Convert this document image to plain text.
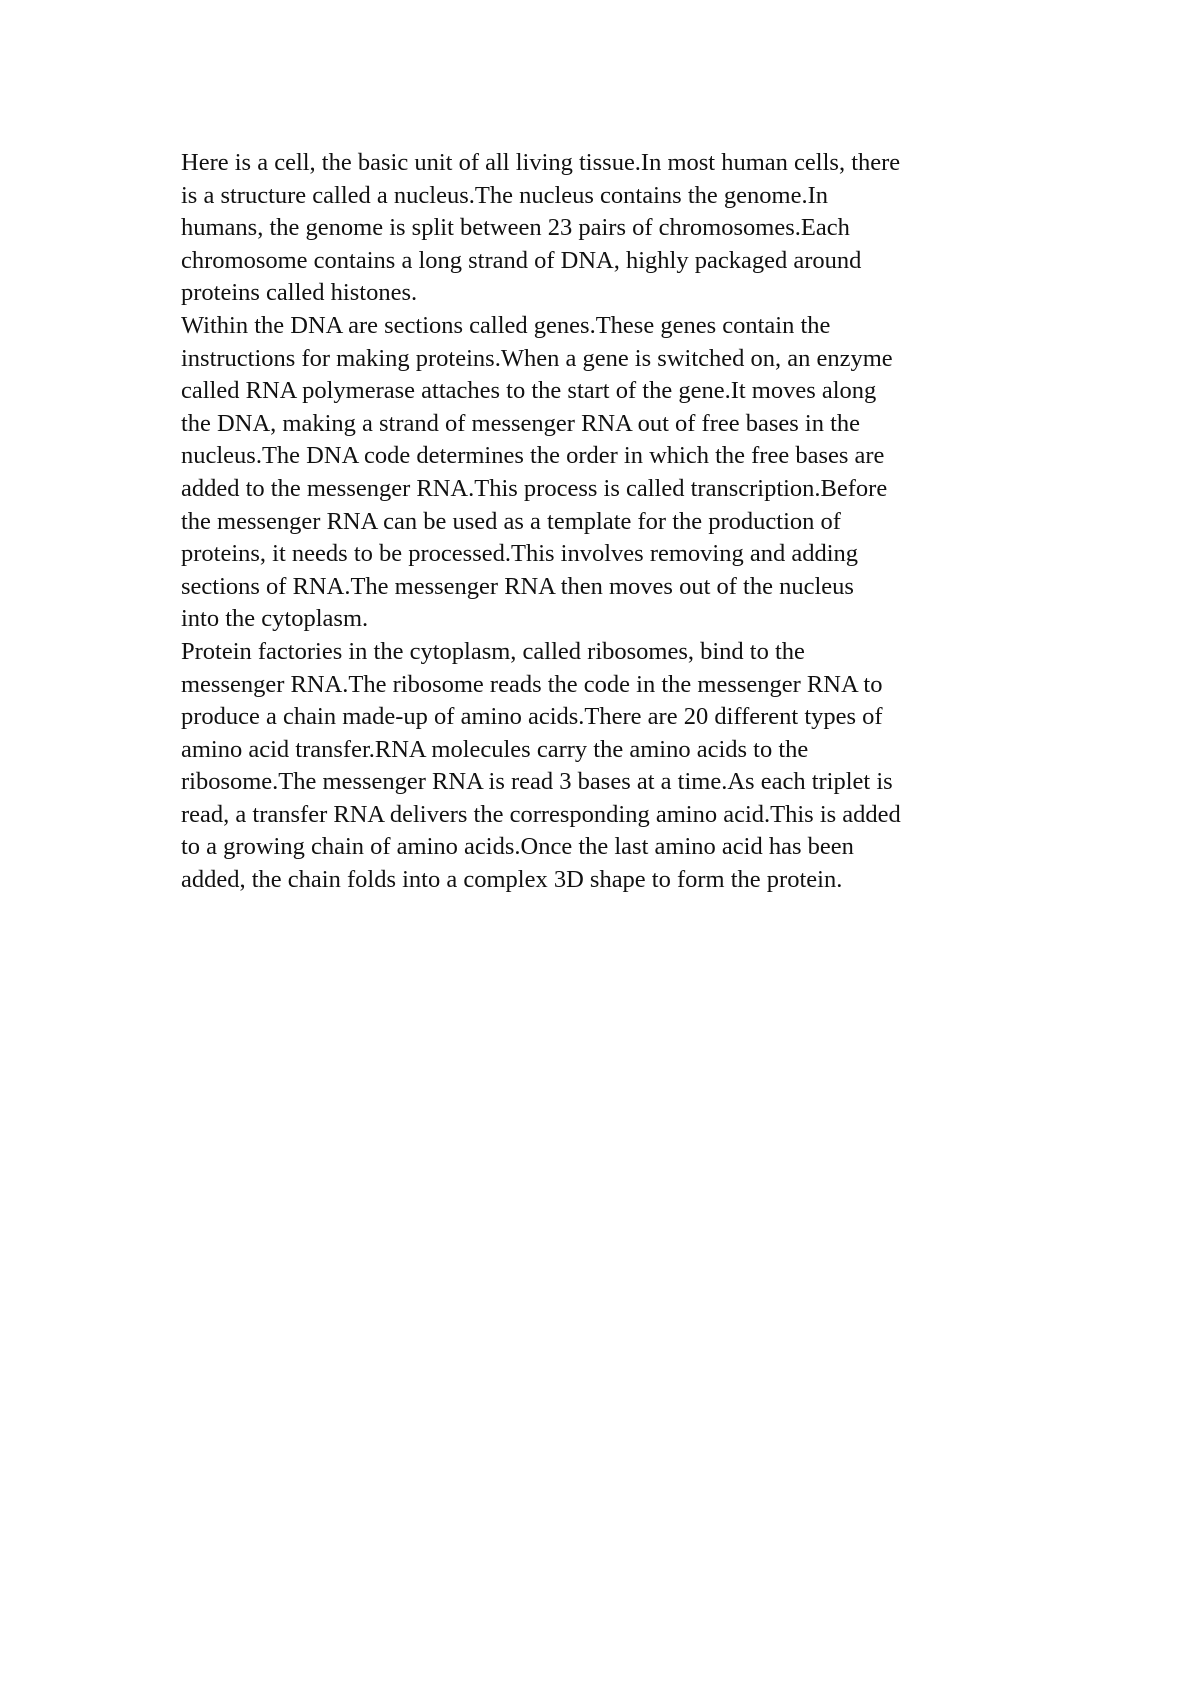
Here is a cell, the basic unit of all living tissue.In most human cells, there
is a structure called a nucleus.The nucleus contains the genome.In
humans, the genome is split between 23 pairs of chromosomes.Each
chromosome contains a long strand of DNA, highly packaged around
proteins called histones.
Within the DNA are sections called genes.These genes contain the
instructions for making proteins.When a gene is switched on, an enzyme
called RNA polymerase attaches to the start of the gene.It moves along
the DNA, making a strand of messenger RNA out of free bases in the
nucleus.The DNA code determines the order in which the free bases are
added to the messenger RNA.This process is called transcription.Before
the messenger RNA can be used as a template for the production of
proteins, it needs to be processed.This involves removing and adding
sections of RNA.The messenger RNA then moves out of the nucleus
into the cytoplasm.
Protein factories in the cytoplasm, called ribosomes, bind to the
messenger RNA.The ribosome reads the code in the messenger RNA to
produce a chain made-up of amino acids.There are 20 different types of
amino acid transfer.RNA molecules carry the amino acids to the
ribosome.The messenger RNA is read 3 bases at a time.As each triplet is
read, a transfer RNA delivers the corresponding amino acid.This is added
to a growing chain of amino acids.Once the last amino acid has been
added, the chain folds into a complex 3D shape to form the protein.
